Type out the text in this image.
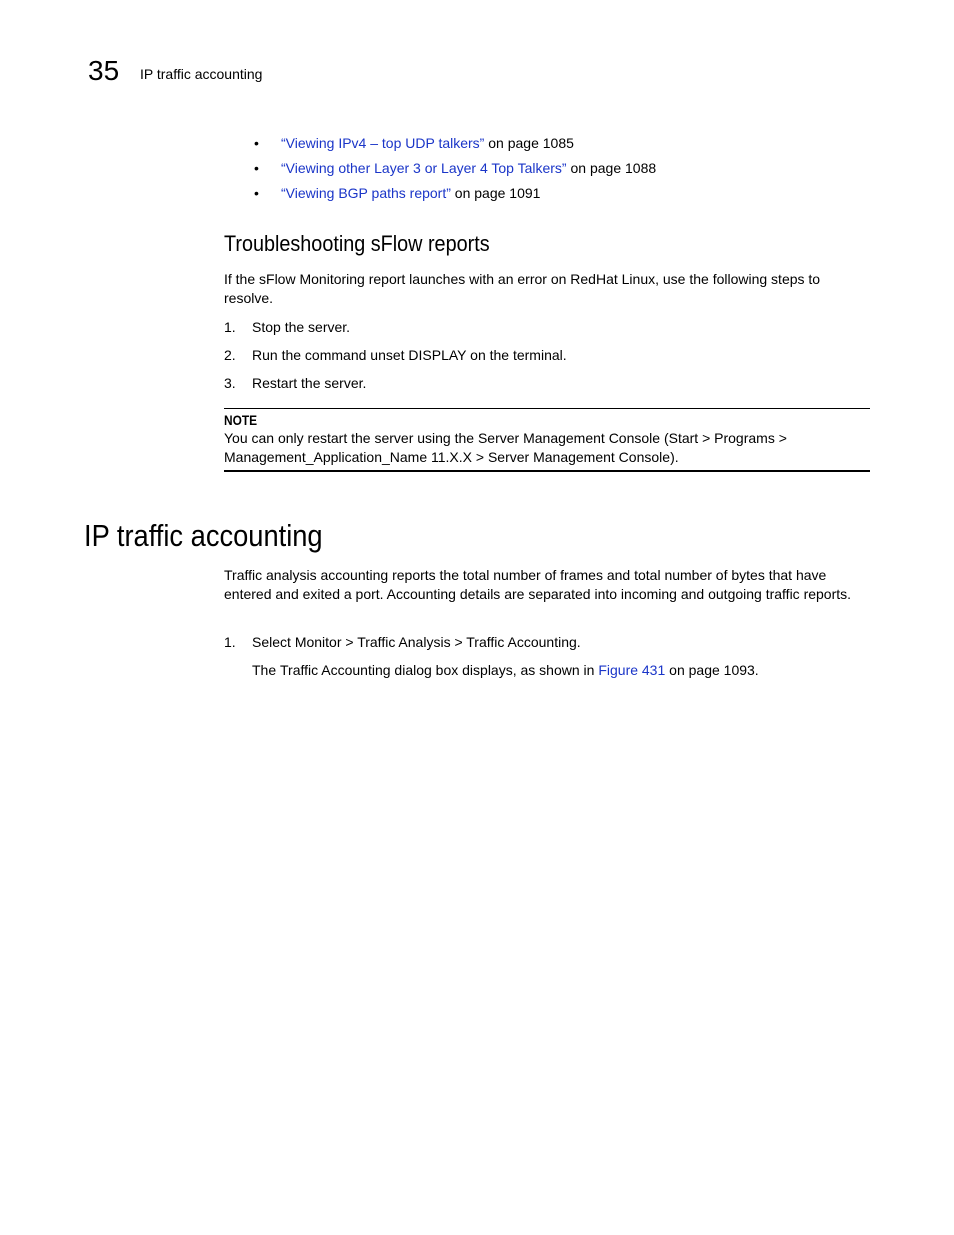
35 IP traffic accounting
• “Viewing IPv4 – top UDP talkers” on page 1085
• “Viewing other Layer 3 or Layer 4 Top Talkers” on page 1088
• “Viewing BGP paths report” on page 1091
Troubleshooting sFlow reports
If the sFlow Monitoring report launches with an error on RedHat Linux, use the following steps to resolve.
1. Stop the server.
2. Run the command unset DISPLAY on the terminal.
3. Restart the server.
NOTE
You can only restart the server using the Server Management Console (Start > Programs > Management_Application_Name 11.X.X > Server Management Console).
IP traffic accounting
Traffic analysis accounting reports the total number of frames and total number of bytes that have entered and exited a port. Accounting details are separated into incoming and outgoing traffic reports.
1. Select Monitor > Traffic Analysis > Traffic Accounting.
The Traffic Accounting dialog box displays, as shown in Figure 431 on page 1093.
